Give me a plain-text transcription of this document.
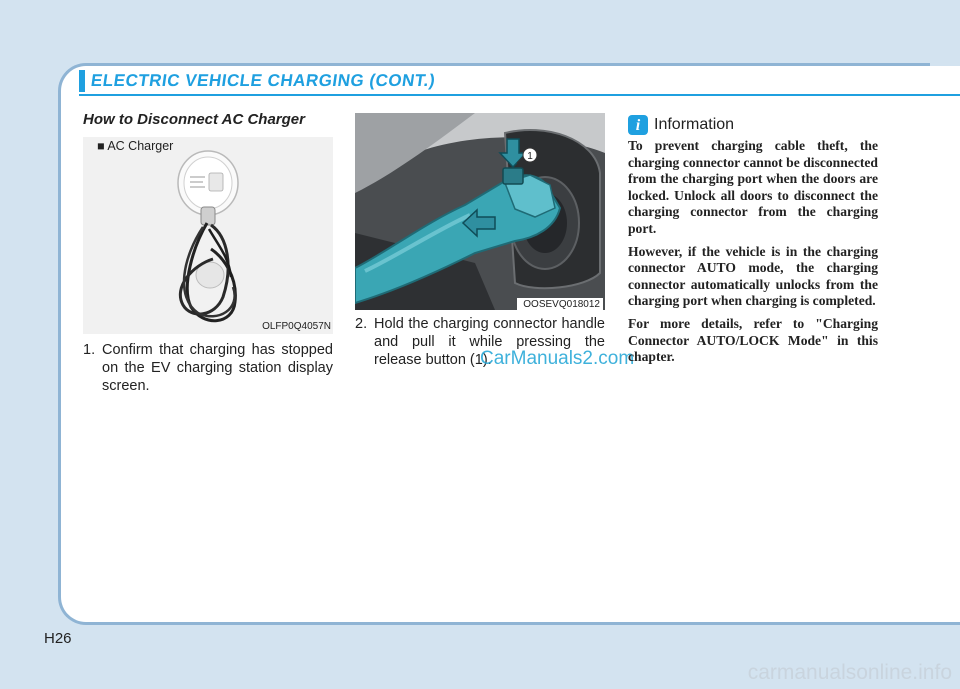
ELECTRIC VEHICLE CHARGING (CONT.)
How to Disconnect AC Charger
■ AC Charger
OLFP0Q4057N
1. Confirm that charging has stopped on the EV charging station display screen.
1
OOSEVQ018012
2. Hold the charging connector handle and pull it while pressing the release button (1).
CarManuals2.com
i Information

To prevent charging cable theft, the charging connector cannot be disconnected from the charging port when the doors are locked. Unlock all doors to disconnect the charging connector from the charging port.

However, if the vehicle is in the charging connector AUTO mode, the charging connector automatically unlocks from the charging port when charging is completed.

For more details, refer to "Charging Connector AUTO/LOCK Mode" in this chapter.

H26
carmanualsonline.info
